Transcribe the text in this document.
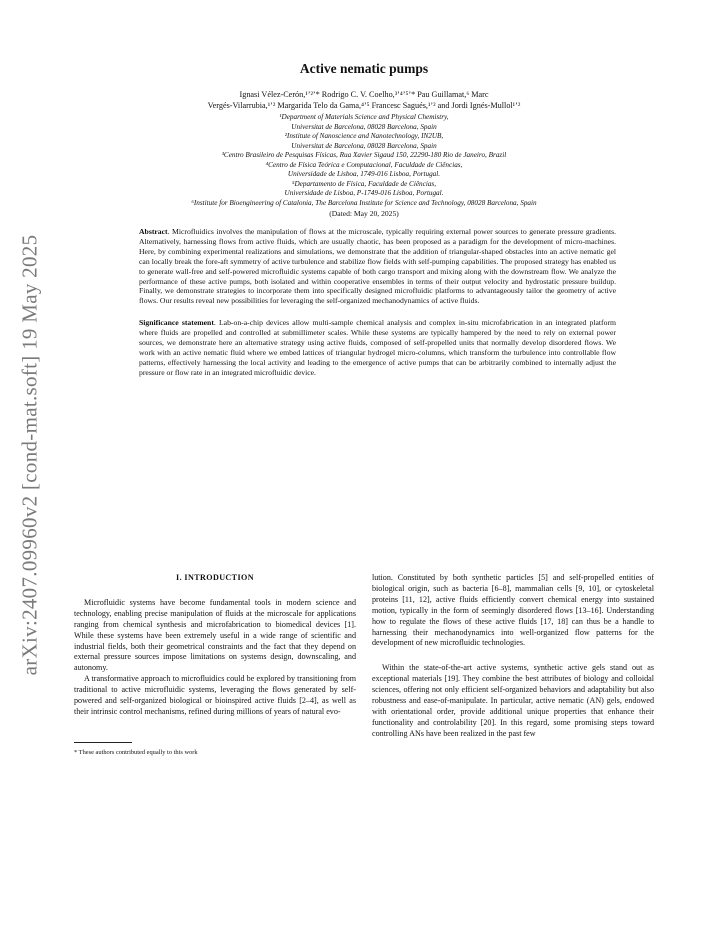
arXiv:2407.09960v2 [cond-mat.soft] 19 May 2025
Active nematic pumps
Ignasi Vélez-Cerón,¹ʼ²ʼ* Rodrigo C. V. Coelho,³ʼ⁴ʼ⁵ʼ* Pau Guillamat,⁶ Marc
Vergés-Vilarrubia,¹ʼ² Margarida Telo da Gama,⁴ʼ⁵ Francesc Sagués,¹ʼ² and Jordi Ignés-Mullol¹ʼ²
¹Department of Materials Science and Physical Chemistry,
Universitat de Barcelona, 08028 Barcelona, Spain
²Institute of Nanoscience and Nanotechnology, IN2UB,
Universitat de Barcelona, 08028 Barcelona, Spain
³Centro Brasileiro de Pesquisas Físicas, Rua Xavier Sigaud 150, 22290-180 Rio de Janeiro, Brazil
⁴Centro de Física Teórica e Computacional, Faculdade de Ciências,
Universidade de Lisboa, 1749-016 Lisboa, Portugal.
⁵Departamento de Física, Faculdade de Ciências,
Universidade de Lisboa, P-1749-016 Lisboa, Portugal.
⁶Institute for Bioengineering of Catalonia, The Barcelona Institute for Science and Technology, 08028 Barcelona, Spain
(Dated: May 20, 2025)
Abstract. Microfluidics involves the manipulation of flows at the microscale, typically requiring external power sources to generate pressure gradients. Alternatively, harnessing flows from active fluids, which are usually chaotic, has been proposed as a paradigm for the development of micro-machines. Here, by combining experimental realizations and simulations, we demonstrate that the addition of triangular-shaped obstacles into an active nematic gel can locally break the fore-aft symmetry of active turbulence and stabilize flow fields with self-pumping capabilities. The proposed strategy has enabled us to generate wall-free and self-powered microfluidic systems capable of both cargo transport and mixing along with the downstream flow. We analyze the performance of these active pumps, both isolated and within cooperative ensembles in terms of their output velocity and hydrostatic pressure buildup. Finally, we demonstrate strategies to incorporate them into specifically designed microfluidic platforms to advantageously tailor the geometry of active flows. Our results reveal new possibilities for leveraging the self-organized mechanodynamics of active fluids.
Significance statement. Lab-on-a-chip devices allow multi-sample chemical analysis and complex in-situ microfabrication in an integrated platform where fluids are propelled and controlled at submillimeter scales. While these systems are typically hampered by the need to rely on external power sources, we demonstrate here an alternative strategy using active fluids, composed of self-propelled units that normally develop disordered flows. We work with an active nematic fluid where we embed lattices of triangular hydrogel micro-columns, which transform the turbulence into controllable flow patterns, effectively harnessing the local activity and leading to the emergence of active pumps that can be arbitrarily combined to internally adjust the pressure or flow rate in an integrated microfluidic device.
I. INTRODUCTION

Microfluidic systems have become fundamental tools in modern science and technology, enabling precise manipulation of fluids at the microscale for applications ranging from chemical synthesis and microfabrication to biomedical devices [1]. While these systems have been extremely useful in a wide range of scientific and industrial fields, both their geometrical constraints and the fact that they depend on external pressure sources impose limitations on systems design, downscaling, and autonomy.

A transformative approach to microfluidics could be explored by transitioning from traditional to active microfluidic systems, leveraging the flows generated by self-powered and self-organized biological or bioinspired active fluids [2–4], as well as their intrinsic control mechanisms, refined during millions of years of natural evo-

* These authors contributed equally to this work

lution. Constituted by both synthetic particles [5] and self-propelled entities of biological origin, such as bacteria [6–8], mammalian cells [9, 10], or cytoskeletal proteins [11, 12], active fluids efficiently convert chemical energy into sustained motion, typically in the form of seemingly disordered flows [13–16]. Understanding how to regulate the flows of these active fluids [17, 18] can thus be a handle to harnessing their mechanodynamics into well-organized flow patterns for the development of new microfluidic technologies.

Within the state-of-the-art active systems, synthetic active gels stand out as exceptional materials [19]. They combine the best attributes of biology and colloidal sciences, offering not only efficient self-organized behaviors and adaptability but also robustness and ease-of-manipulate. In particular, active nematic (AN) gels, endowed with orientational order, provide additional unique properties that enhance their functionality and controlability [20]. In this regard, some promising steps toward controlling ANs have been realized in the past few
